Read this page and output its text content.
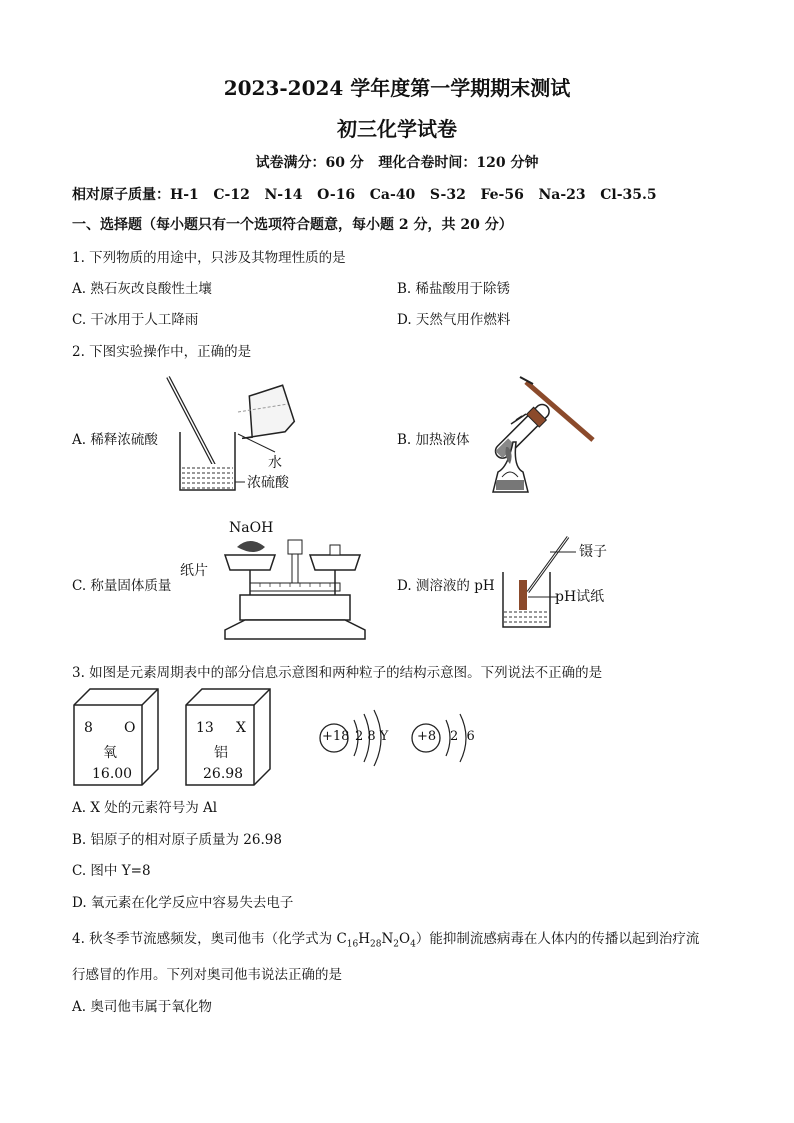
2023-2024 学年度第一学期期末测试
初三化学试卷
试卷满分：60 分   理化合卷时间：120 分钟
相对原子质量：H-1   C-12   N-14   O-16   Ca-40   S-32   Fe-56   Na-23   Cl-35.5
一、选择题（每小题只有一个选项符合题意，每小题 2 分，共 20 分）
1. 下列物质的用途中，只涉及其物理性质的是
A. 熟石灰改良酸性土壤	B. 稀盐酸用于除锈
C. 干冰用于人工降雨	D. 天然气用作燃料
2. 下图实验操作中，正确的是
A. 稀释浓硫酸	B. 加热液体
C. 称量固体质量	D. 测溶液的 pH
水
浓硫酸
NaOH
纸片
镊子
pH试纸
3. 如图是元素周期表中的部分信息示意图和两种粒子的结构示意图。下列说法不正确的是
8 O
氧
16.00
13 X
铝
26.98
+18 2 8 Y +8 2  6
A. X 处的元素符号为 Al
B. 铝原子的相对原子质量为 26.98
C. 图中 Y=8
D. 氧元素在化学反应中容易失去电子
4. 秋冬季节流感频发，奥司他韦（化学式为 $C_{16}H_{28}N_2O_4$）能抑制流感病毒在人体内的传播以起到治疗流
行感冒的作用。下列对奥司他韦说法正确的是
A. 奥司他韦属于氧化物
